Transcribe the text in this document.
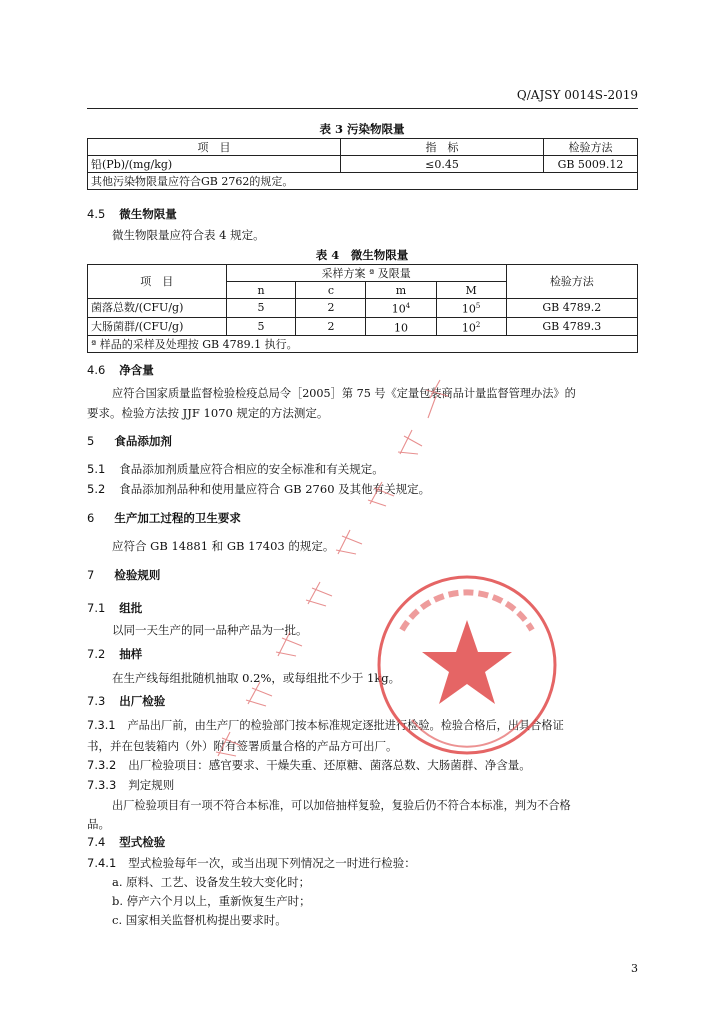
Q/AJSY 0014S-2019
表 3 污染物限量
项　目	指　标	检验方法
铅(Pb)/(mg/kg)	≤0.45	GB 5009.12
其他污染物限量应符合GB 2762的规定。		
4.5 微生物限量
微生物限量应符合表 4 规定。
表 4　微生物限量
项　目	采样方案 ª 及限量				检验方法
	n	c	m	M	
菌落总数/(CFU/g)	5	2	$10^4$	$10^5$	GB 4789.2
大肠菌群/(CFU/g)	5	2	10	$10^2$	GB 4789.3
ª 样品的采样及处理按 GB 4789.1 执行。					
4.6 净含量
应符合国家质量监督检验检疫总局令［2005］第 75 号《定量包装商品计量监督管理办法》的
要求。检验方法按 JJF 1070 规定的方法测定。
5 食品添加剂
5.1 食品添加剂质量应符合相应的安全标准和有关规定。
5.2 食品添加剂品种和使用量应符合 GB 2760 及其他有关规定。
6 生产加工过程的卫生要求
应符合 GB 14881 和 GB 17403 的规定。
7 检验规则
7.1 组批
以同一天生产的同一品种产品为一批。
7.2 抽样
在生产线每组批随机抽取 0.2%，或每组批不少于 1kg。
7.3 出厂检验
7.3.1 产品出厂前，由生产厂的检验部门按本标准规定逐批进行检验。检验合格后，出具合格证
书，并在包装箱内（外）附有签署质量合格的产品方可出厂。
7.3.2 出厂检验项目：感官要求、干燥失重、还原糖、菌落总数、大肠菌群、净含量。
7.3.3 判定规则
出厂检验项目有一项不符合本标准，可以加倍抽样复验，复验后仍不符合本标准，判为不合格
品。
7.4 型式检验
7.4.1 型式检验每年一次，或当出现下列情况之一时进行检验：
a. 原料、工艺、设备发生较大变化时；
b. 停产六个月以上，重新恢复生产时；
c. 国家相关监督机构提出要求时。
3
